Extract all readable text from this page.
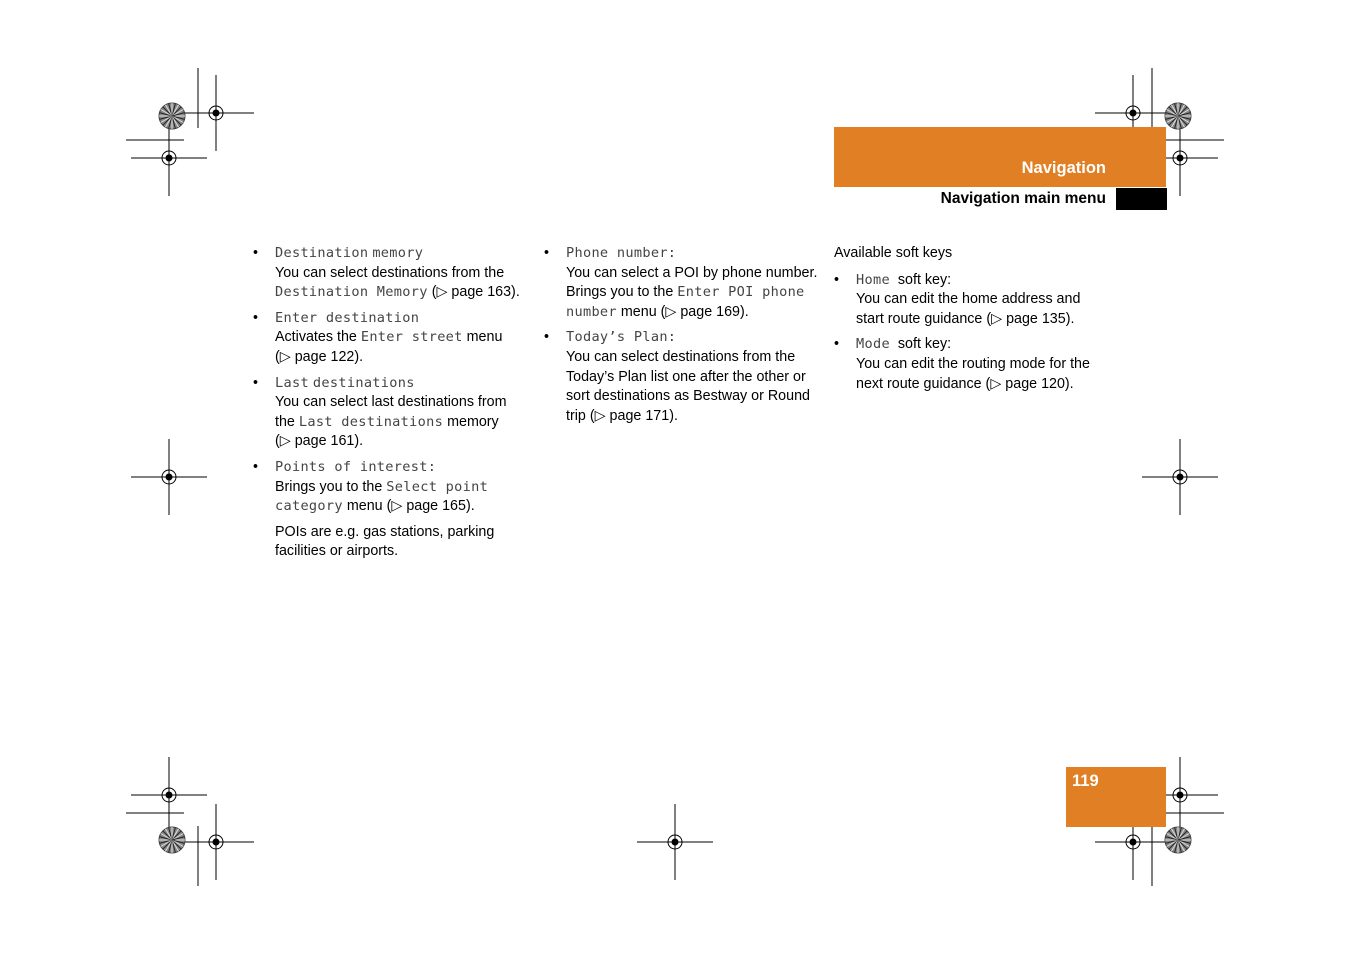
Navigation
Navigation main menu
• Destination memory
You can select destinations from the
Destination Memory (▷ page 163).
• Enter destination
Activates the Enter street menu
(▷ page 122).
• Last destinations
You can select last destinations from
the Last destinations memory
(▷ page 161).
• Points of interest:
Brings you to the Select point
category menu (▷ page 165).
POIs are e.g. gas stations, parking
facilities or airports.
• Phone number:
You can select a POI by phone number.
Brings you to the Enter POI phone
number menu (▷ page 169).
• Today’s Plan:
You can select destinations from the
Today’s Plan list one after the other or
sort destinations as Bestway or Round
trip (▷ page 171).
Available soft keys
• Home soft key:
You can edit the home address and
start route guidance (▷ page 135).
• Mode soft key:
You can edit the routing mode for the
next route guidance (▷ page 120).
119
